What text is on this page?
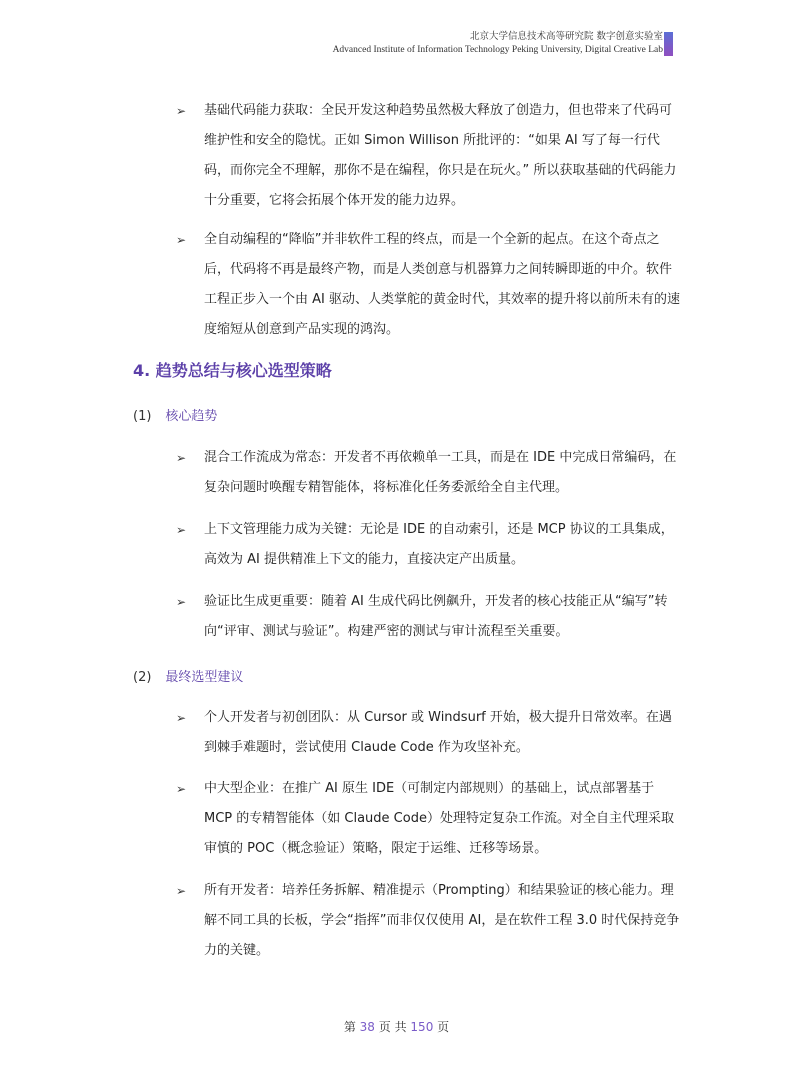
北京大学信息技术高等研究院 数字创意实验室
Advanced Institute of Information Technology Peking University, Digital Creative Lab
➢ 基础代码能力获取：全民开发这种趋势虽然极大释放了创造力，但也带来了代码可维护性和安全的隐忧。正如 Simon Willison 所批评的：“如果 AI 写了每一行代码，而你完全不理解，那你不是在编程，你只是在玩火。” 所以获取基础的代码能力十分重要，它将会拓展个体开发的能力边界。
➢ 全自动编程的“降临”并非软件工程的终点，而是一个全新的起点。在这个奇点之后，代码将不再是最终产物，而是人类创意与机器算力之间转瞬即逝的中介。软件工程正步入一个由 AI 驱动、人类掌舵的黄金时代，其效率的提升将以前所未有的速度缩短从创意到产品实现的鸿沟。
4. 趋势总结与核心选型策略
(1) 核心趋势
➢ 混合工作流成为常态：开发者不再依赖单一工具，而是在 IDE 中完成日常编码，在复杂问题时唤醒专精智能体，将标准化任务委派给全自主代理。
➢ 上下文管理能力成为关键：无论是 IDE 的自动索引，还是 MCP 协议的工具集成，高效为 AI 提供精准上下文的能力，直接决定产出质量。
➢ 验证比生成更重要：随着 AI 生成代码比例飙升，开发者的核心技能正从“编写”转向“评审、测试与验证”。构建严密的测试与审计流程至关重要。
(2) 最终选型建议
➢ 个人开发者与初创团队：从 Cursor 或 Windsurf 开始，极大提升日常效率。在遇到棘手难题时，尝试使用 Claude Code 作为攻坚补充。
➢ 中大型企业：在推广 AI 原生 IDE（可制定内部规则）的基础上，试点部署基于 MCP 的专精智能体（如 Claude Code）处理特定复杂工作流。对全自主代理采取审慎的 POC（概念验证）策略，限定于运维、迁移等场景。
➢ 所有开发者：培养任务拆解、精准提示（Prompting）和结果验证的核心能力。理解不同工具的长板，学会“指挥”而非仅仅使用 AI，是在软件工程 3.0 时代保持竞争力的关键。
第 38 页 共 150 页
